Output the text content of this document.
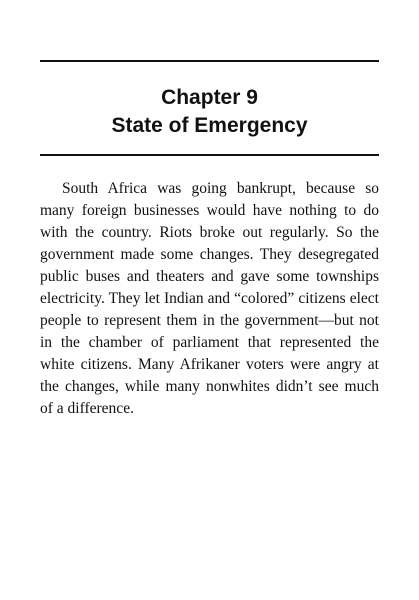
Chapter 9
State of Emergency

South Africa was going bankrupt, because so many foreign businesses would have nothing to do with the country. Riots broke out regularly. So the government made some changes. They desegregated public buses and theaters and gave some townships electricity. They let Indian and “colored” citizens elect people to represent them in the government—but not in the chamber of parliament that represented the white citizens. Many Afrikaner voters were angry at the changes, while many nonwhites didn’t see much of a difference.
